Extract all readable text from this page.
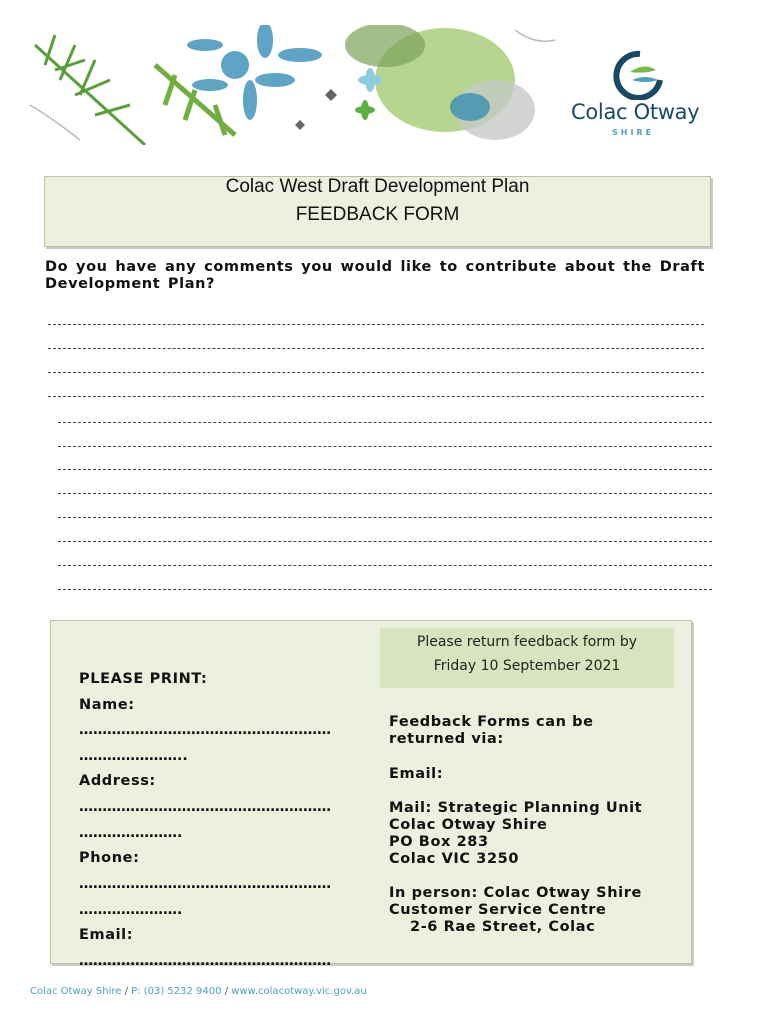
Colac Otway
SHIRE
Colac West Draft Development Plan
FEEDBACK FORM
Do you have any comments you would like to contribute about the Draft Development Plan?
PLEASE PRINT:
Name:
………………………………………………
…………………..
Address:
………………………………………………
………………….
Phone:
………………………………………………
………………….
Email:
………………………………………………
Feedback Forms can be returned via:
Email:
Mail: Strategic Planning Unit
Colac Otway Shire
PO Box 283
Colac VIC 3250
In person: Colac Otway Shire
Customer Service Centre
2-6 Rae Street, Colac
Please return feedback form by
Friday 10 September 2021
Colac Otway Shire / P: (03) 5232 9400 / www.colacotway.vic.gov.au
